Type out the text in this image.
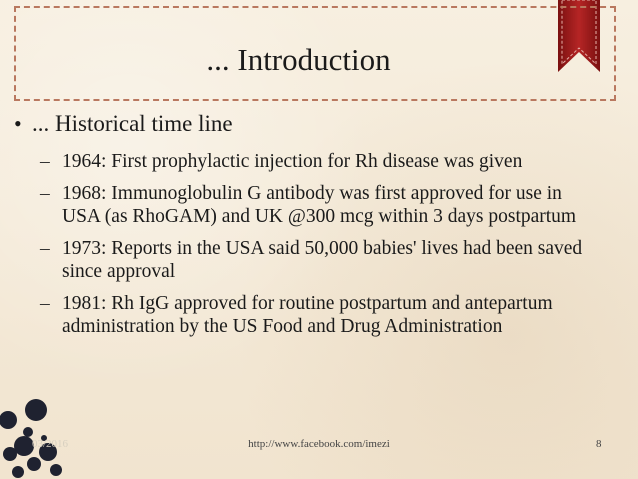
... Introduction
• ... Historical time line
– 1964: First prophylactic injection for Rh disease was given
– 1968: Immunoglobulin G antibody was first approved for use in USA (as RhoGAM) and UK @300 mcg within 3 days postpartum
– 1973: Reports in the USA said 50,000 babies' lives had been saved since approval
– 1981: Rh IgG approved for routine postpartum and antepartum administration by the US Food and Drug Administration
03/2016	http://www.facebook.com/imezi	8
